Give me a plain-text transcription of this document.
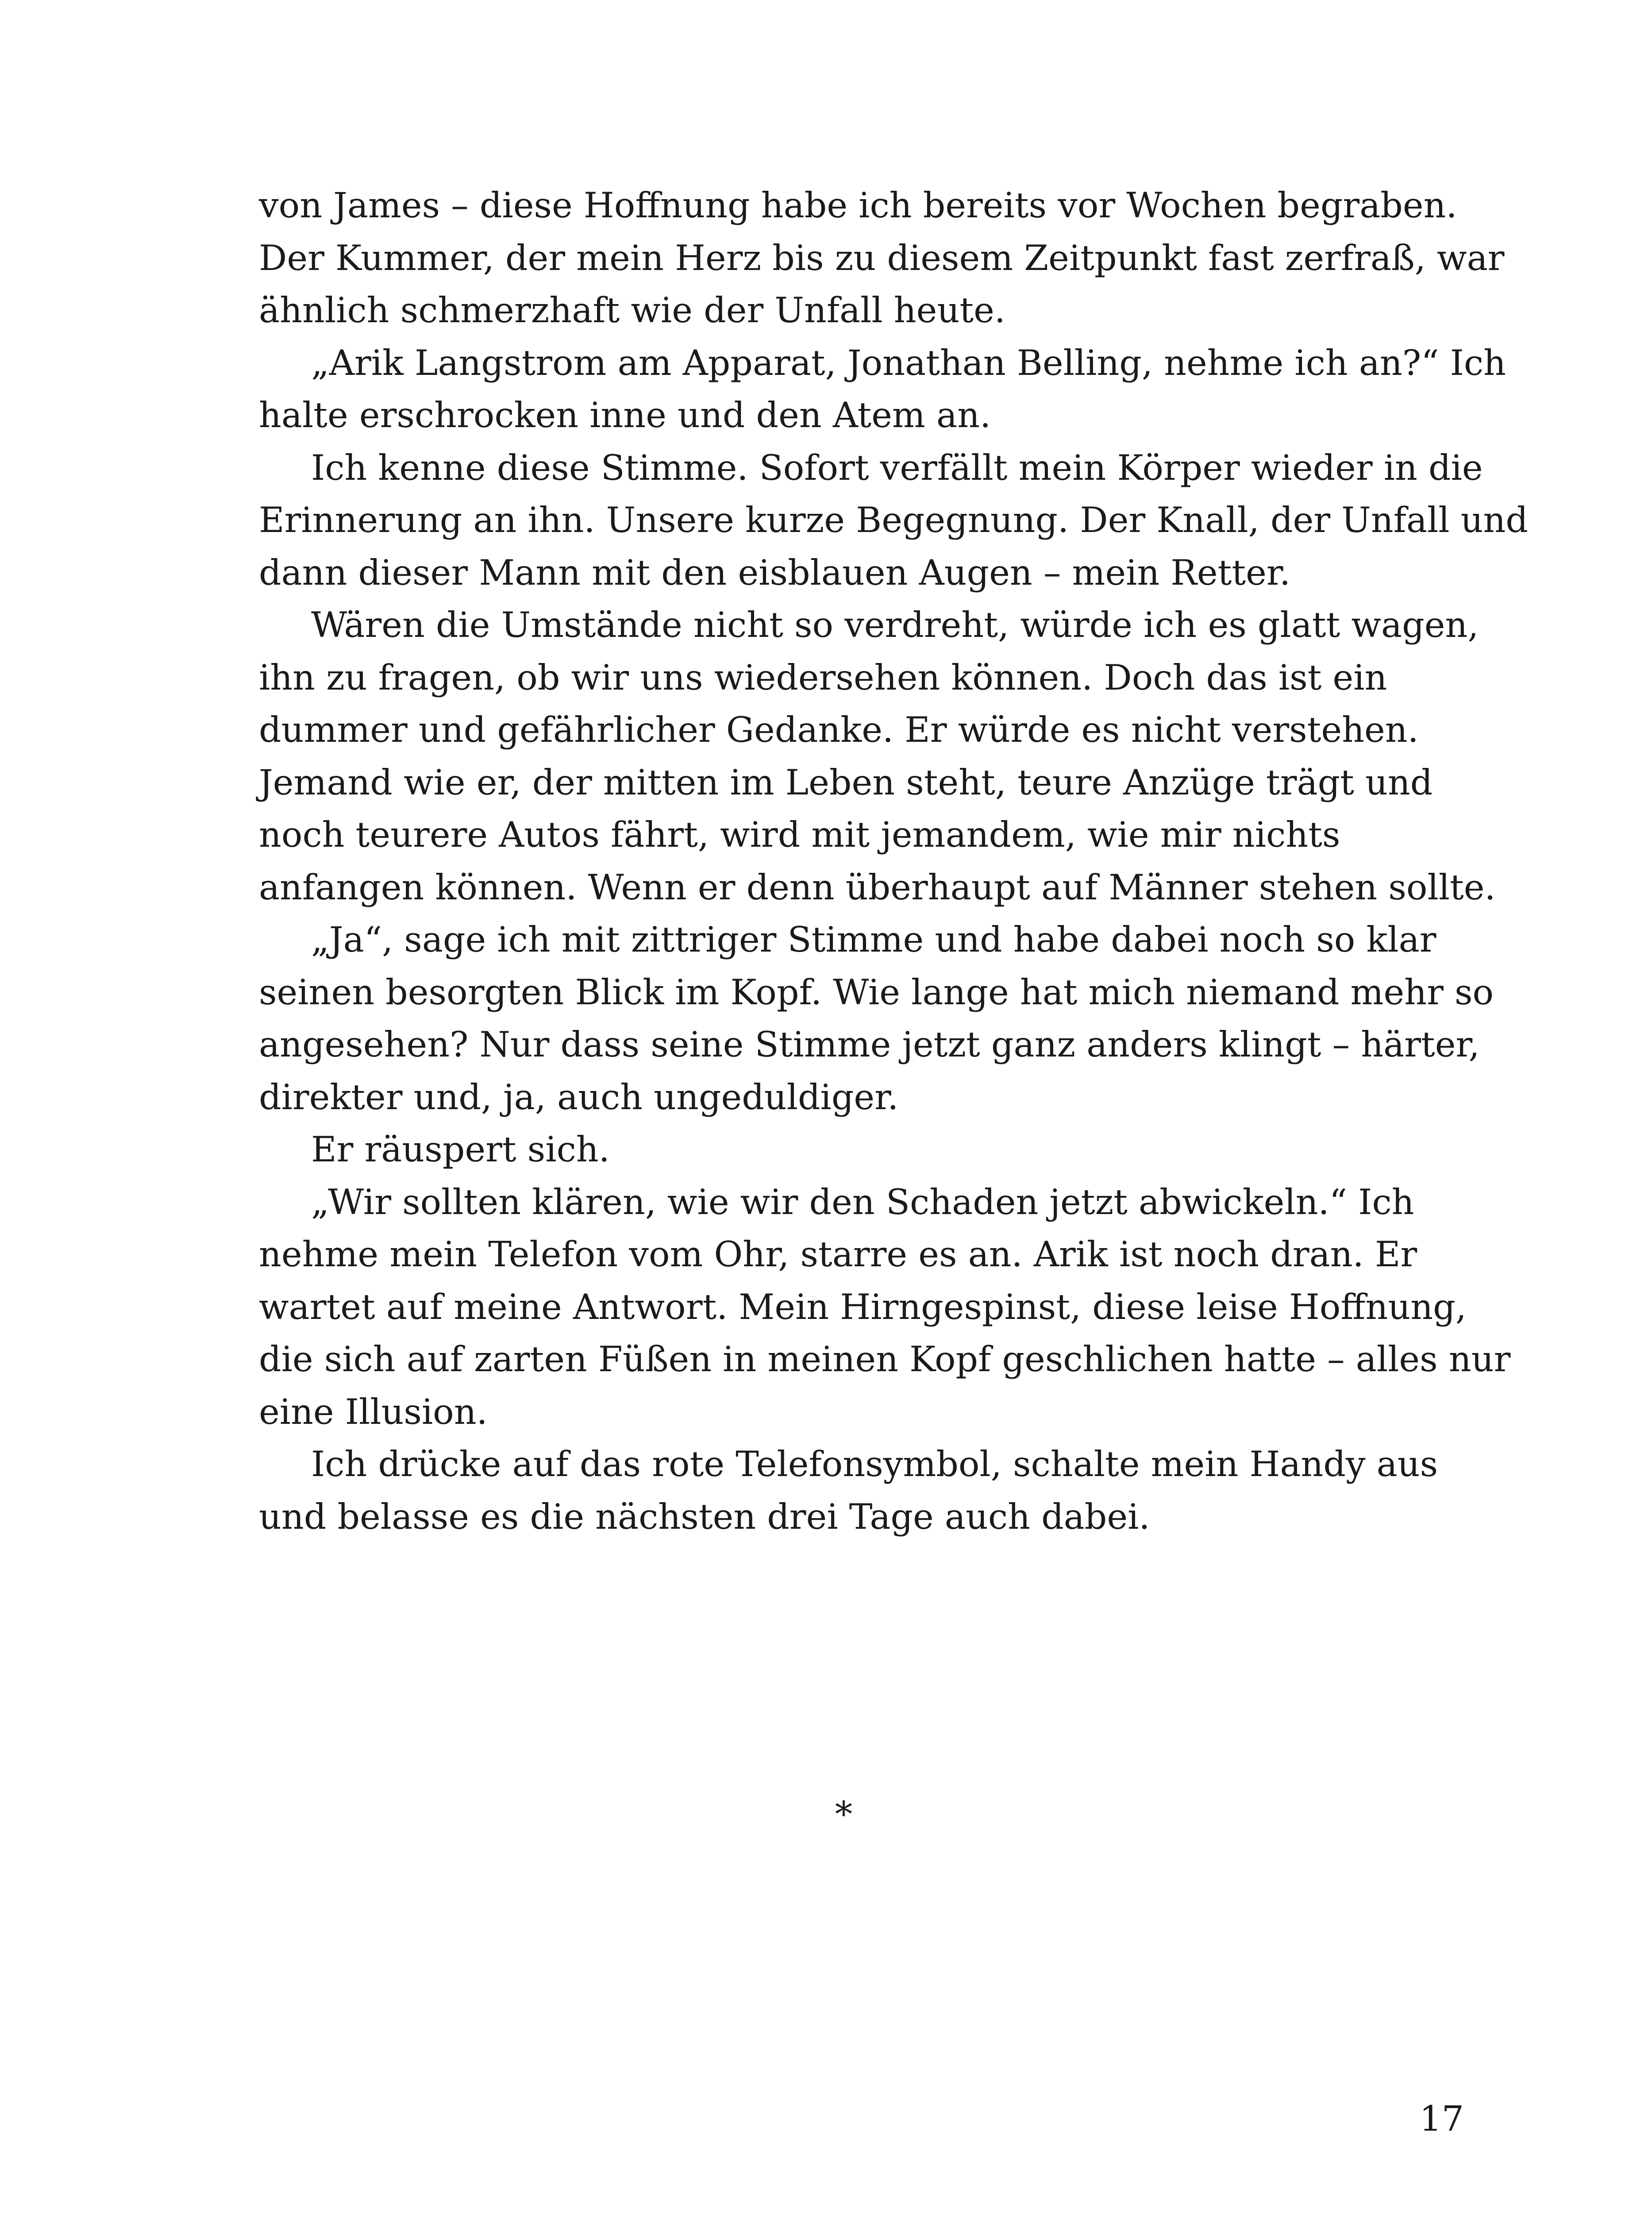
von James – diese Hoffnung habe ich bereits vor Wochen begraben.
Der Kummer, der mein Herz bis zu diesem Zeitpunkt fast zerfraß, war
ähnlich schmerzhaft wie der Unfall heute.
„Arik Langstrom am Apparat, Jonathan Belling, nehme ich an?“ Ich
halte erschrocken inne und den Atem an.
Ich kenne diese Stimme. Sofort verfällt mein Körper wieder in die
Erinnerung an ihn. Unsere kurze Begegnung. Der Knall, der Unfall und
dann dieser Mann mit den eisblauen Augen – mein Retter.
Wären die Umstände nicht so verdreht, würde ich es glatt wagen,
ihn zu fragen, ob wir uns wiedersehen können. Doch das ist ein
dummer und gefährlicher Gedanke. Er würde es nicht verstehen.
Jemand wie er, der mitten im Leben steht, teure Anzüge trägt und
noch teurere Autos fährt, wird mit jemandem, wie mir nichts
anfangen können. Wenn er denn überhaupt auf Männer stehen sollte.
„Ja“, sage ich mit zittriger Stimme und habe dabei noch so klar
seinen besorgten Blick im Kopf. Wie lange hat mich niemand mehr so
angesehen? Nur dass seine Stimme jetzt ganz anders klingt – härter,
direkter und, ja, auch ungeduldiger.
Er räuspert sich.
„Wir sollten klären, wie wir den Schaden jetzt abwickeln.“ Ich
nehme mein Telefon vom Ohr, starre es an. Arik ist noch dran. Er
wartet auf meine Antwort. Mein Hirngespinst, diese leise Hoffnung,
die sich auf zarten Füßen in meinen Kopf geschlichen hatte – alles nur
eine Illusion.
Ich drücke auf das rote Telefonsymbol, schalte mein Handy aus
und belasse es die nächsten drei Tage auch dabei.
*
17
